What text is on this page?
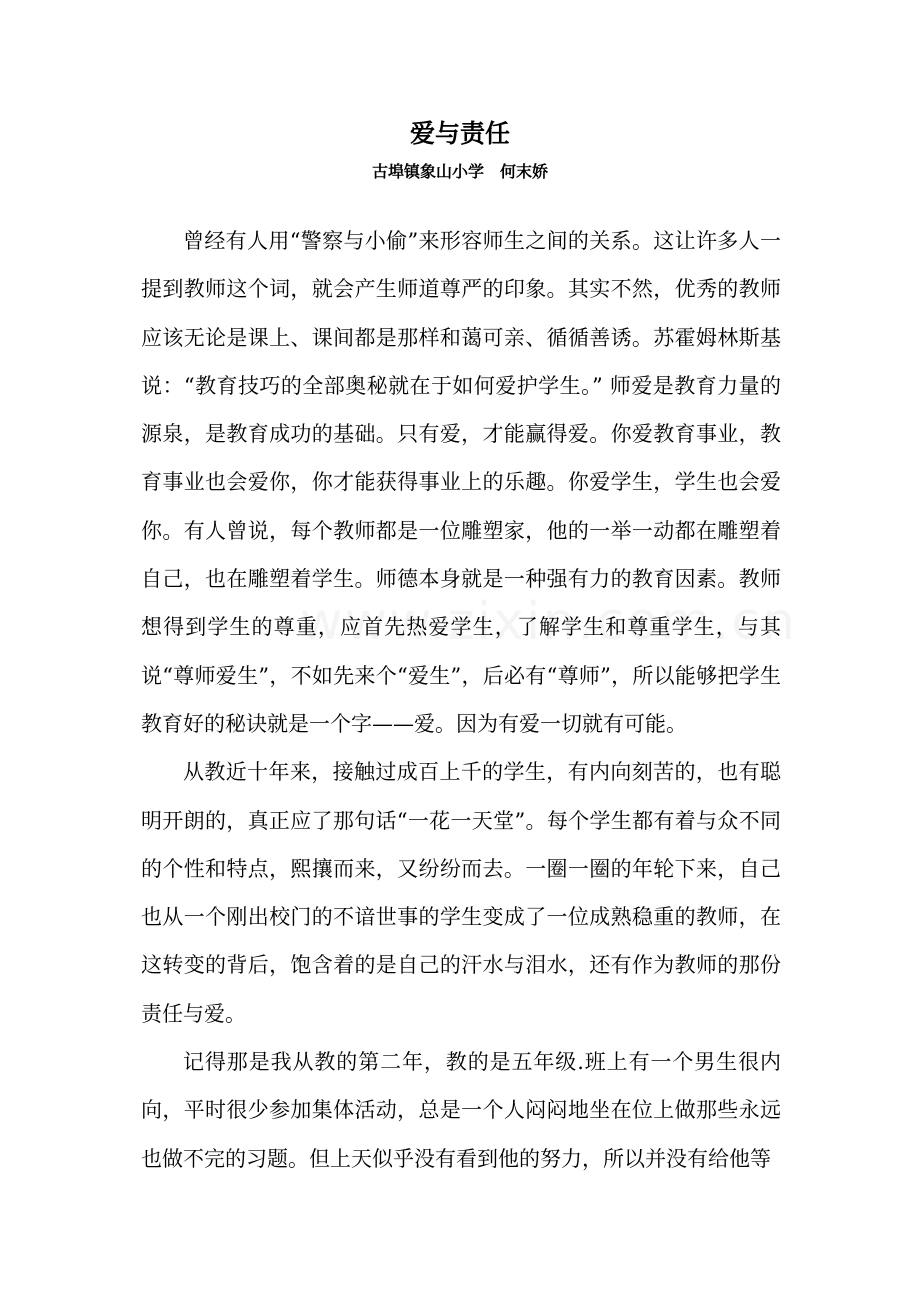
爱与责任
古埠镇象山小学　何末娇

曾经有人用“警察与小偷”来形容师生之间的关系。这让许多人一提到教师这个词，就会产生师道尊严的印象。其实不然，优秀的教师应该无论是课上、课间都是那样和蔼可亲、循循善诱。苏霍姆林斯基说：“教育技巧的全部奥秘就在于如何爱护学生。” 师爱是教育力量的源泉，是教育成功的基础。只有爱，才能赢得爱。你爱教育事业，教育事业也会爱你，你才能获得事业上的乐趣。你爱学生，学生也会爱你。有人曾说，每个教师都是一位雕塑家，他的一举一动都在雕塑着自己，也在雕塑着学生。师德本身就是一种强有力的教育因素。教师想得到学生的尊重，应首先热爱学生，了解学生和尊重学生，与其说“尊师爱生”，不如先来个“爱生”，后必有“尊师”，所以能够把学生教育好的秘诀就是一个字——爱。因为有爱一切就有可能。

从教近十年来，接触过成百上千的学生，有内向刻苦的，也有聪明开朗的，真正应了那句话“一花一天堂”。每个学生都有着与众不同的个性和特点，熙攘而来，又纷纷而去。一圈一圈的年轮下来，自己也从一个刚出校门的不谙世事的学生变成了一位成熟稳重的教师，在这转变的背后，饱含着的是自己的汗水与泪水，还有作为教师的那份责任与爱。

记得那是我从教的第二年，教的是五年级.班上有一个男生很内向，平时很少参加集体活动，总是一个人闷闷地坐在位上做那些永远也做不完的习题。但上天似乎没有看到他的努力，所以并没有给他等
